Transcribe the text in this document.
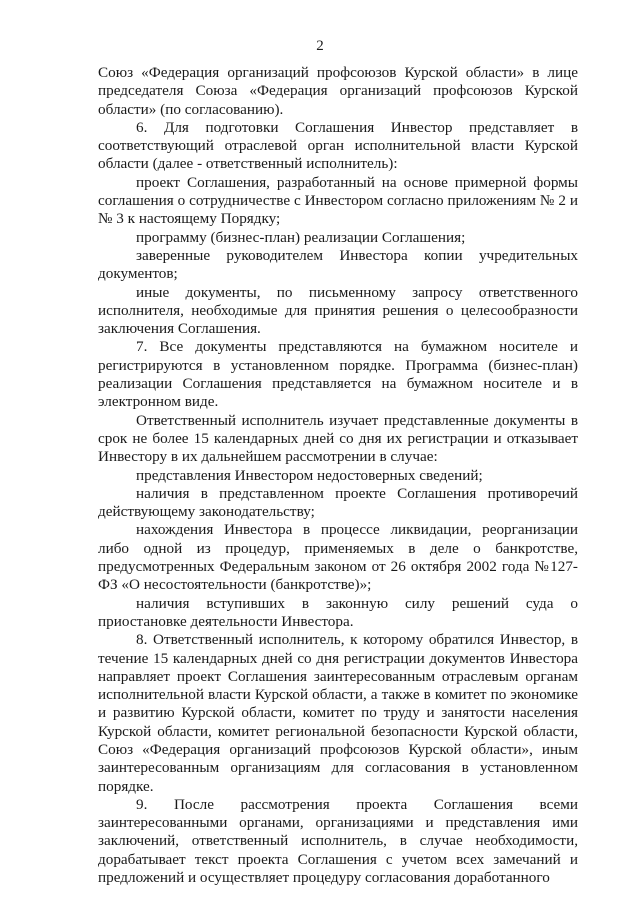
2

Союз «Федерация организаций профсоюзов Курской области» в лице председателя Союза «Федерация организаций профсоюзов Курской области» (по согласованию).

6. Для подготовки Соглашения Инвестор представляет в соответствующий отраслевой орган исполнительной власти Курской области (далее - ответственный исполнитель):

проект Соглашения, разработанный на основе примерной формы соглашения о сотрудничестве с Инвестором согласно приложениям № 2 и № 3 к настоящему Порядку;

программу (бизнес-план) реализации Соглашения;

заверенные руководителем Инвестора копии учредительных документов;

иные документы, по письменному запросу ответственного исполнителя, необходимые для принятия решения о целесообразности заключения Соглашения.

7. Все документы представляются на бумажном носителе и регистрируются в установленном порядке. Программа (бизнес-план) реализации Соглашения представляется на бумажном носителе и в электронном виде.

Ответственный исполнитель изучает представленные документы в срок не более 15 календарных дней со дня их регистрации и отказывает Инвестору в их дальнейшем рассмотрении в случае:

представления Инвестором недостоверных сведений;

наличия в представленном проекте Соглашения противоречий действующему законодательству;

нахождения Инвестора в процессе ликвидации, реорганизации либо одной из процедур, применяемых в деле о банкротстве, предусмотренных Федеральным законом от 26 октября 2002 года №127-ФЗ «О несостоятельности (банкротстве)»;

наличия вступивших в законную силу решений суда о приостановке деятельности Инвестора.

8. Ответственный исполнитель, к которому обратился Инвестор, в течение 15 календарных дней со дня регистрации документов Инвестора направляет проект Соглашения заинтересованным отраслевым органам исполнительной власти Курской области, а также в комитет по экономике и развитию Курской области, комитет по труду и занятости населения Курской области, комитет региональной безопасности Курской области, Союз «Федерация организаций профсоюзов Курской области», иным заинтересованным организациям для согласования в установленном порядке.

9. После рассмотрения проекта Соглашения всеми заинтересованными органами, организациями и представления ими заключений, ответственный исполнитель, в случае необходимости, дорабатывает текст проекта Соглашения с учетом всех замечаний и предложений и осуществляет процедуру согласования доработанного
